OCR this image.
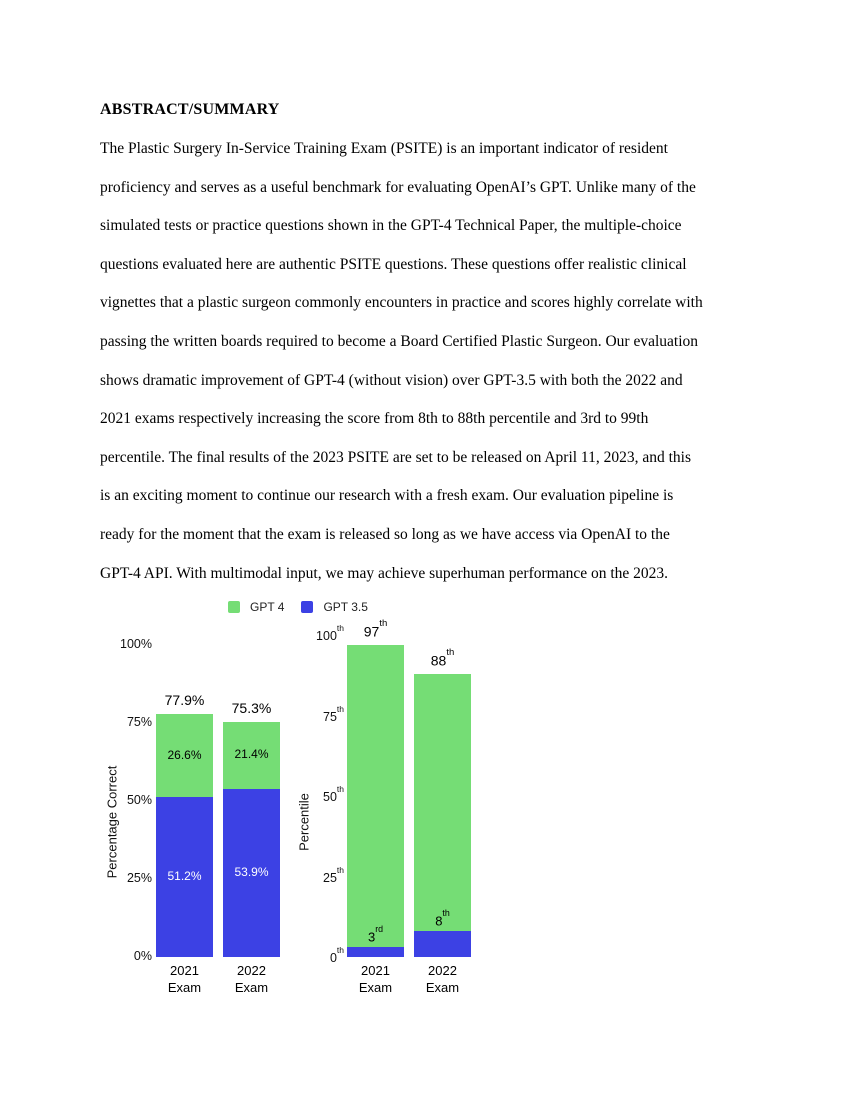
ABSTRACT/SUMMARY
The Plastic Surgery In-Service Training Exam (PSITE) is an important indicator of resident
proficiency and serves as a useful benchmark for evaluating OpenAI’s GPT. Unlike many of the
simulated tests or practice questions shown in the GPT-4 Technical Paper, the multiple-choice
questions evaluated here are authentic PSITE questions. These questions offer realistic clinical
vignettes that a plastic surgeon commonly encounters in practice and scores highly correlate with
passing the written boards required to become a Board Certified Plastic Surgeon. Our evaluation
shows dramatic improvement of GPT-4 (without vision) over GPT-3.5 with both the 2022 and
2021 exams respectively increasing the score from 8th to 88th percentile and 3rd to 99th
percentile. The final results of the 2023 PSITE are set to be released on April 11, 2023, and this
is an exciting moment to continue our research with a fresh exam. Our evaluation pipeline is
ready for the moment that the exam is released so long as we have access via OpenAI to the
GPT-4 API. With multimodal input, we may achieve superhuman performance on the 2023.
GPT 4	GPT 3.5
Percentage Correct
0%
25%
50%
75%
100%
77.9%
26.6%
51.2%
2021
Exam
75.3%
21.4%
53.9%
2022
Exam
Percentile
0th
25th
50th
75th
100th	97th
3rd
2021
Exam
88th
8th
2022
Exam
